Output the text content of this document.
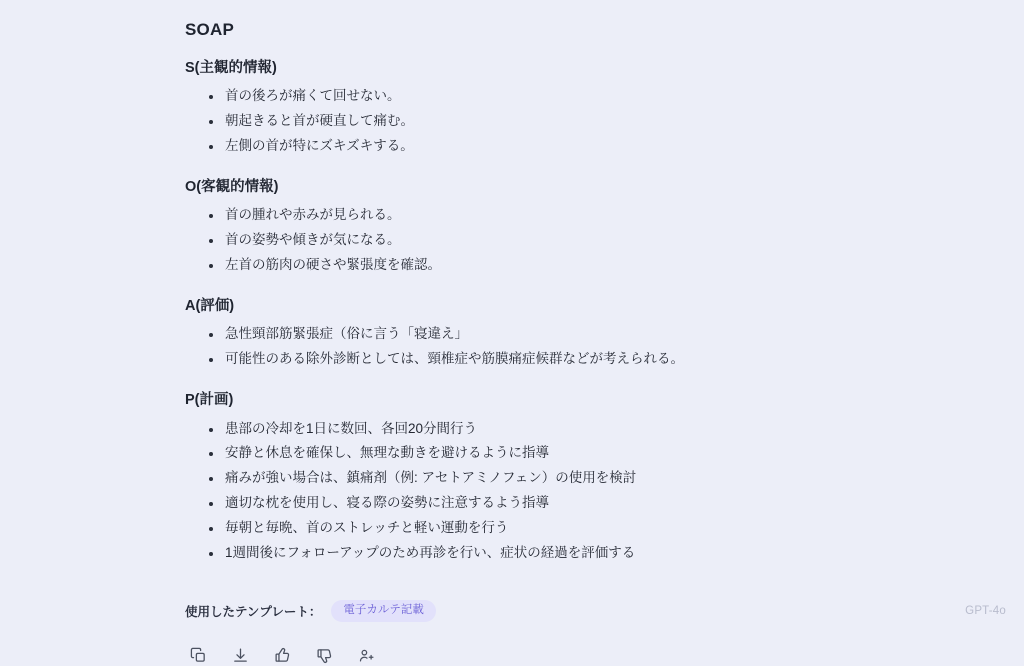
SOAP
S(主観的情報)
首の後ろが痛くて回せない。
朝起きると首が硬直して痛む。
左側の首が特にズキズキする。
O(客観的情報)
首の腫れや赤みが見られる。
首の姿勢や傾きが気になる。
左首の筋肉の硬さや緊張度を確認。
A(評価)
急性頸部筋緊張症（俗に言う「寝違え」
可能性のある除外診断としては、頸椎症や筋膜痛症候群などが考えられる。
P(計画)
患部の冷却を1日に数回、各回20分間行う
安静と休息を確保し、無理な動きを避けるように指導
痛みが強い場合は、鎮痛剤（例: アセトアミノフェン）の使用を検討
適切な枕を使用し、寝る際の姿勢に注意するよう指導
毎朝と毎晩、首のストレッチと軽い運動を行う
1週間後にフォローアップのため再診を行い、症状の経過を評価する
使用したテンプレート：	電子カルテ記載	GPT-4o
